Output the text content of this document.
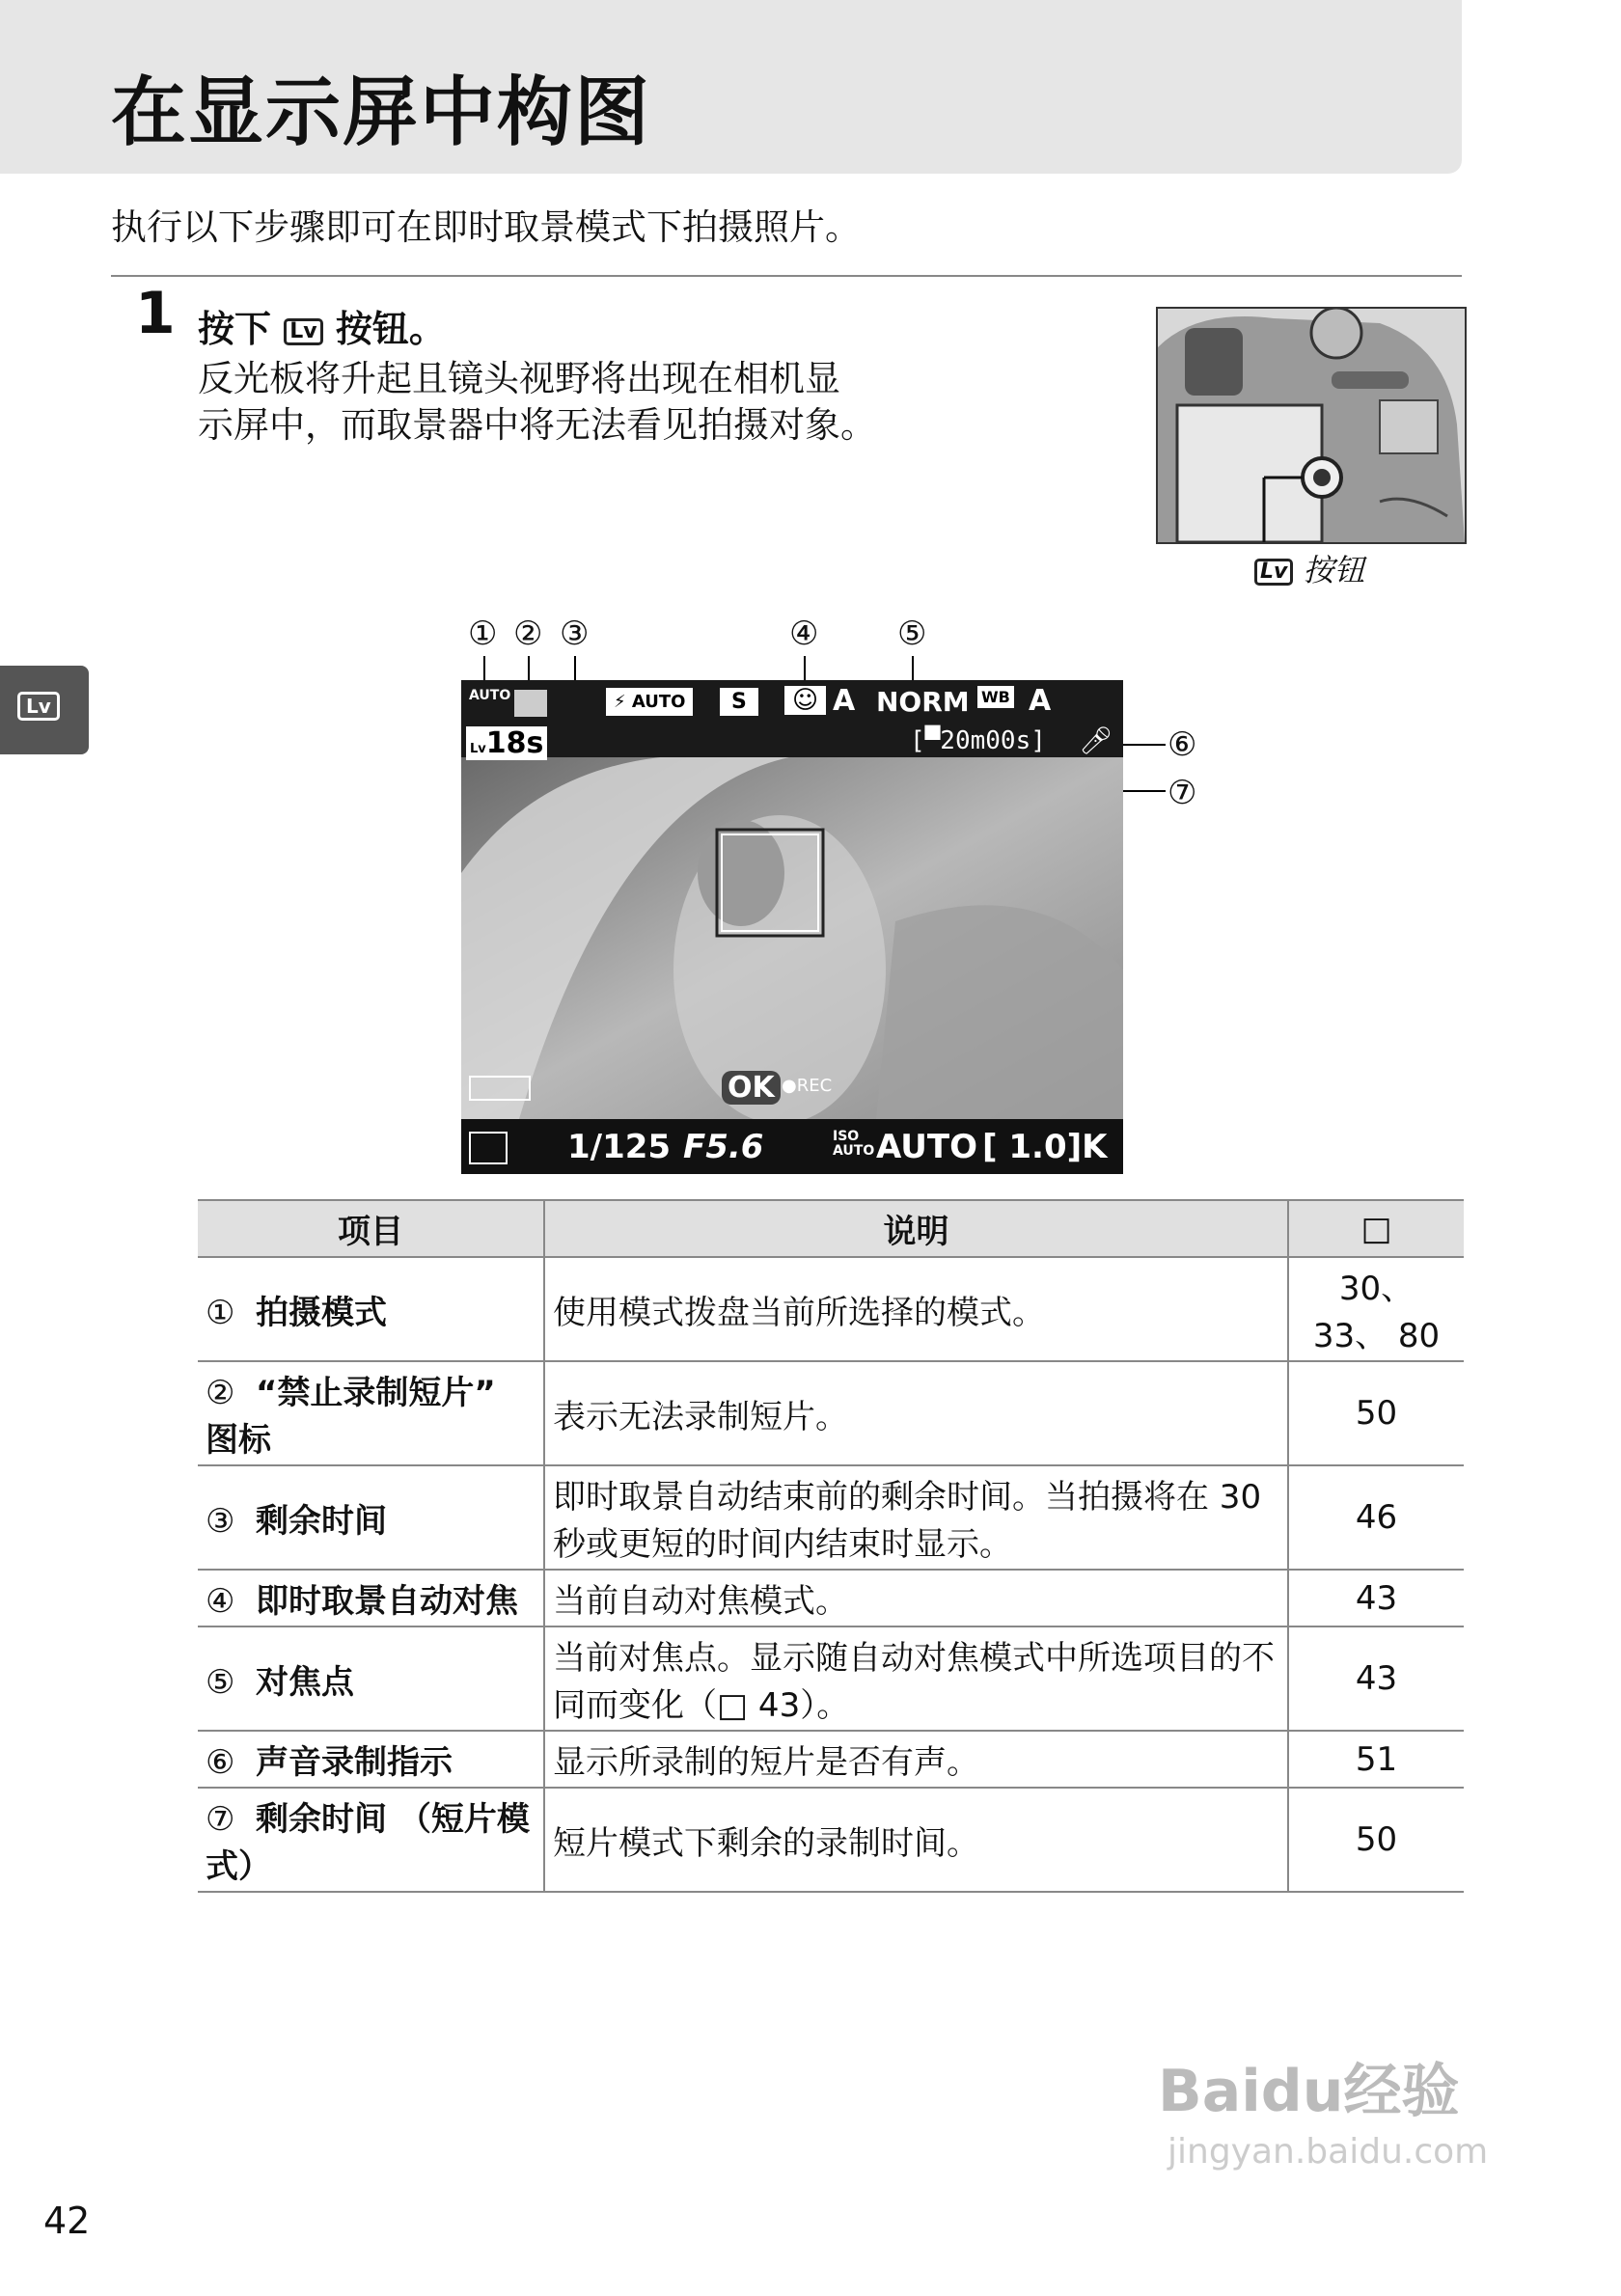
在显示屏中构图
执行以下步骤即可在即时取景模式下拍摄照片。
Lv
1 按下 Lv 按钮。
反光板将升起且镜头视野将出现在相机显
示屏中，而取景器中将无法看见拍摄对象。
Lv 按钮
① ② ③	④ ⑤
⑥
⑦
AUTO
Lv18s
⚡ AUTO	S	☺ A NORM WB A
[▀20m00s] 🎤︎
OK ●REC
1/125 F5.6	ISO AUTO AUTO [ 1.0]K
项目	说明	□
① 拍摄模式	使用模式拨盘当前所选择的模式。	30、 33、 80
② “禁止录制短片” 图标	表示无法录制短片。	50
③ 剩余时间	即时取景自动结束前的剩余时间。当拍摄将在 30 秒或更短的时间内结束时显示。	46
④ 即时取景自动对焦	当前自动对焦模式。	43
⑤ 对焦点	当前对焦点。显示随自动对焦模式中所选项目的不同而变化（□ 43）。	43
⑥ 声音录制指示	显示所录制的短片是否有声。	51
⑦ 剩余时间 （短片模式）	短片模式下剩余的录制时间。	50
42
Baidu经验
jingyan.baidu.com
